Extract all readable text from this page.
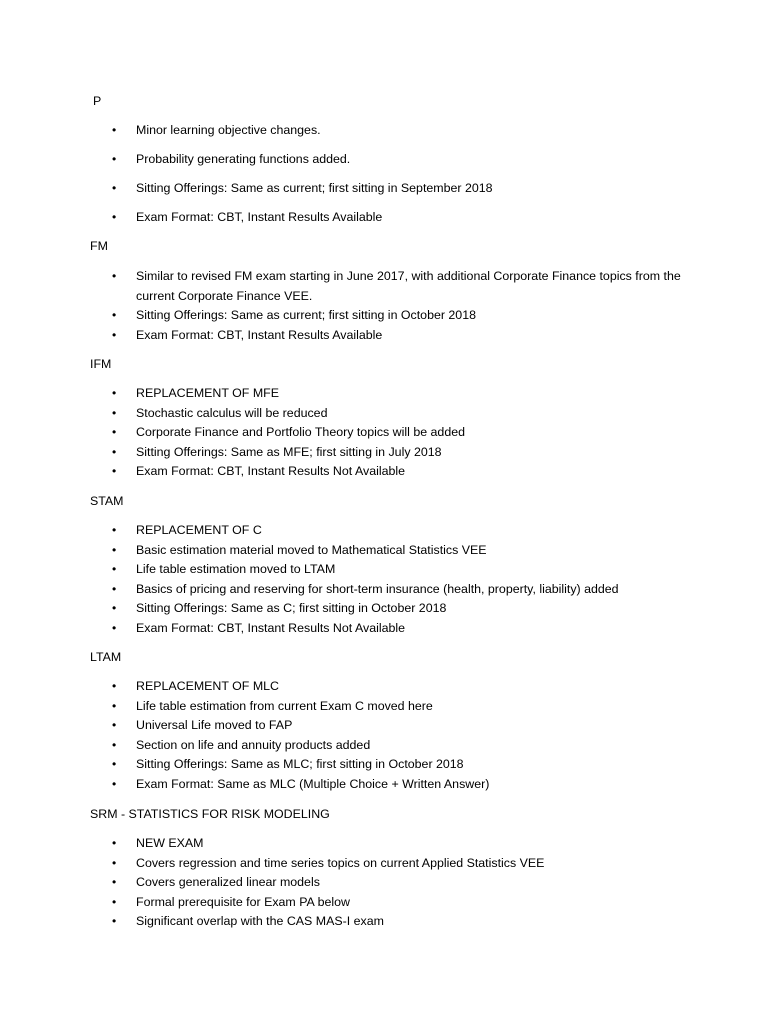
P
• Minor learning objective changes.
• Probability generating functions added.
• Sitting Offerings: Same as current; first sitting in September 2018
• Exam Format: CBT, Instant Results Available
FM
• Similar to revised FM exam starting in June 2017, with additional Corporate Finance topics from the current Corporate Finance VEE.
• Sitting Offerings: Same as current; first sitting in October 2018
• Exam Format: CBT, Instant Results Available
IFM
• REPLACEMENT OF MFE
• Stochastic calculus will be reduced
• Corporate Finance and Portfolio Theory topics will be added
• Sitting Offerings: Same as MFE; first sitting in July 2018
• Exam Format: CBT, Instant Results Not Available
STAM
• REPLACEMENT OF C
• Basic estimation material moved to Mathematical Statistics VEE
• Life table estimation moved to LTAM
• Basics of pricing and reserving for short-term insurance (health, property, liability) added
• Sitting Offerings: Same as C; first sitting in October 2018
• Exam Format: CBT, Instant Results Not Available
LTAM
• REPLACEMENT OF MLC
• Life table estimation from current Exam C moved here
• Universal Life moved to FAP
• Section on life and annuity products added
• Sitting Offerings: Same as MLC; first sitting in October 2018
• Exam Format: Same as MLC (Multiple Choice + Written Answer)
SRM - STATISTICS FOR RISK MODELING
• NEW EXAM
• Covers regression and time series topics on current Applied Statistics VEE
• Covers generalized linear models
• Formal prerequisite for Exam PA below
• Significant overlap with the CAS MAS-I exam
